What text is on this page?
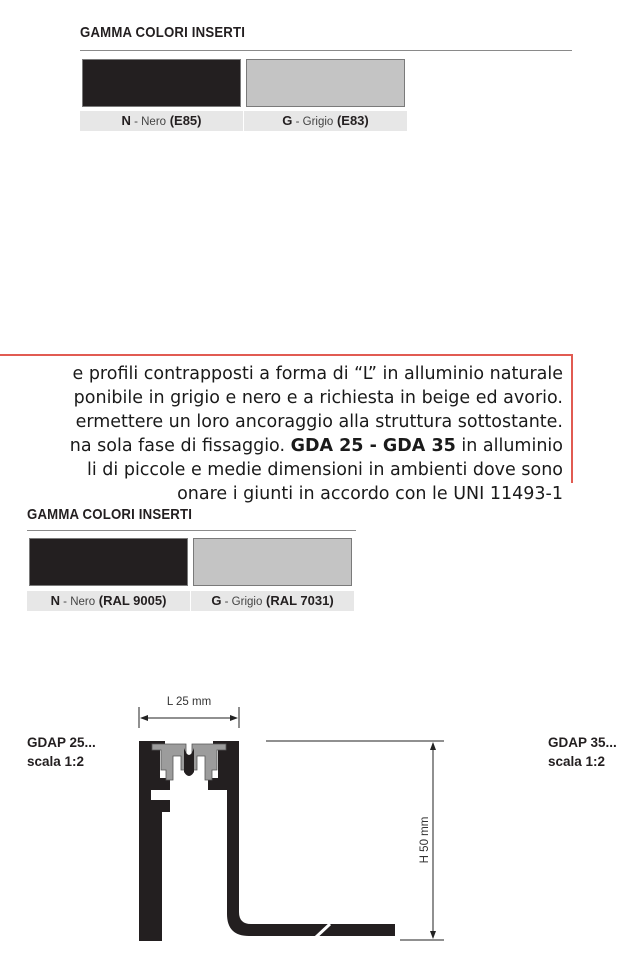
GAMMA COLORI INSERTI
N - Nero (E85)	G - Grigio (E83)
e profili contrapposti a forma di “L” in alluminio naturale
ponibile in grigio e nero e a richiesta in beige ed avorio.
ermettere un loro ancoraggio alla struttura sottostante.
na sola fase di fissaggio. GDA 25 - GDA 35 in alluminio
li di piccole e medie dimensioni in ambienti dove sono
onare i giunti in accordo con le UNI 11493-1
GAMMA COLORI INSERTI
N - Nero (RAL 9005)	G - Grigio (RAL 7031)
GDAP 25...
scala 1:2
GDAP 35...
scala 1:2
L 25 mm
H 50 mm
